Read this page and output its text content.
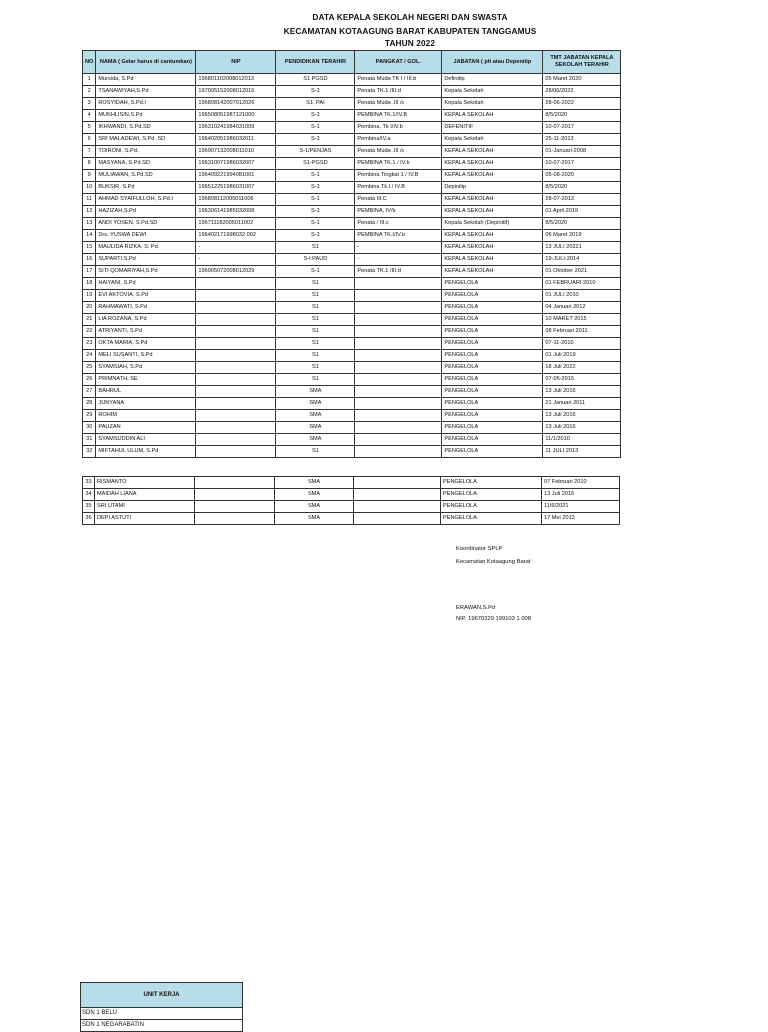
DATA KEPALA SEKOLAH NEGERI DAN SWASTA
KECAMATAN KOTAAGUNG BARAT KABUPATEN TANGGAMUS
TAHUN 2022
NO	NAMA ( Gelar harus di cantumkan)	NIP	PENDIDIKAN TERAHIR	PANGKAT / GOL.	JABATAN ( plt atau Depenitip	TMT JABATAN KEPALA SEKOLAH TERAHIR
1	Mursida, S.Pd	196801102008012013	S1 PGSD	Penata Muda TK I / III.b	Definitip	05 Maret 2020
2	TSANAWIYAH,S.Pd	197005152008012016	S-1	Penata TK.1 /III.d	Kepala Sekolah	28/06/2022
3	ROSYIDAH, S.Pd.I	196808142007012026	S1. PAI	Penata Muda .III /c	Kepala Sekolah	28-06-2022
4	MUKHLISIN,S.Pd	196508051987121000	S-1	PEMBINA TK.1/IV.B	KEPALA SEKOLAH	8/5/2020
5	IKHWANDI, S.Pd.SD	196310241984031009	S-1	Pembina, Tk I/IV.b	DEFENITIF	10-07-2017
6	SRI MALADEWI, S.Pd .SD	196402051986032011	S-1	Pembina/IV.a	Kepala Sekolah	25-11-2013
7	TOIRONI, S.Pd.	196907132008011010	S-1/PENJAS	Penata Muda .III /c	KEPALA SEKOLAH	01-Januari-2008
8	MASYANA, S.Pd.SD	196310071986032007	S1-PGSD	PEMBINA TK.1 / IV.b	KEPALA SEKOLAH	10-07-2017
9	MULIAWAN, S.Pd.SD	196409221994081001	S-1	Pembina Tingkat 1 / IV.B	KEPALA SEKOLAH	05-08-2020
10	BUKSIR, S.Pd	196512251986031007	S-1	Pembina Tk.I / IV.B	Depinitip	8/5/2020
11	AHMAD SYAIFULLOH, S.Pd.I	196808112005011006	S-1	Penata III.C	KEPALA SEKOLAH	28-07-2013
12	HAZIZAH,S.Pd	196306141985032008	S-1	PEMBINA, IV/b	KEPALA SEKOLAH	01 April 2019
13	ANDI YOSEN, S.Pd.SD	196711182005011002	S-1	Penata / III.c	Kepala Sekolah (Depinitif)	8/5/2020
14	Drs. YUSWA DEWI	196402171998032 002	S-1	PEMBINA TK.I/IV.b	KEPALA SEKOLAH	06 Maret 2019
15	MAULIDA RIZKA, S. Pd.	-	S1	-	KEPALA SEKOLAH	13 JULI 20221
16	SUPARTI,S.Pd	-	S-I PAUD	-	KEPALA SEKOLAH	19-JULI-2014
17	SITI QOMARIYAH,S.Pd	196905072008012029	S-1	Penata TK.1 /III.d	KEPALA SEKOLAH	01 Oktober 2021
18	HAIYANI, S.Pd		S1		PENGELOLA	01 FEBRUARI 2010
19	EVI AKTOVIA, S.Pd		S1		PENGELOLA	01 JULI 2010
20	RAHMAWATI, S.Pd		S1		PENGELOLA	04 Januari 2012
21	LIA ROZANA, S.Pd		S1		PENGELOLA	10 MARET 2015
22	ATRIYANTI, S.Pd		S1		PENGELOLA	08 Februari 2011
23	OKTA MARIA, S.Pd		S1		PENGELOLA	07-11-2010
24	MELI SUSANTI, S.Pd		S1		PENGELOLA	01 Juli 2019
25	SYAMSIAH, S.Pd		S1		PENGELOLA	18 Juli 2022
26	PRIMNATH, SE		S1		PENGELOLA	07-05-2015
27	BAHRUL		SMA		PENGELOLA	13 Juli 2016
28	JUNYANA		SMA		PENGELOLA	21 Januari 2011
29	ROHIM		SMA		PENGELOLA	13 Juli 2016
30	PAUZAN		SMA		PENGELOLA	13 Juli 2016
31	SYAMSUDDIN ALI		SMA		PENGELOLA	11/1/2010
32	MIFTAHUL ULUM, S.Pd		S1		PENGELOLA	11 JULI 2013
33	RISMANTO		SMA		PENGELOLA	07 Februari 2010
34	MAIDAH LIANA		SMA		PENGELOLA	13 Juli 2016
35	SRI UTAMI		SMA		PENGELOLA	11/6/2021
36	DEPI ASTUTI		SMA		PENGELOLA	17 Mei 2013
Koordinator SPLP
Kecamatan Kotaagung Barat
ERAWAN,S.Pd
NIP. 19670329 199103 1 008
UNIT KERJA
SDN 1 BELU
SDN 1 NEGARABATIN
